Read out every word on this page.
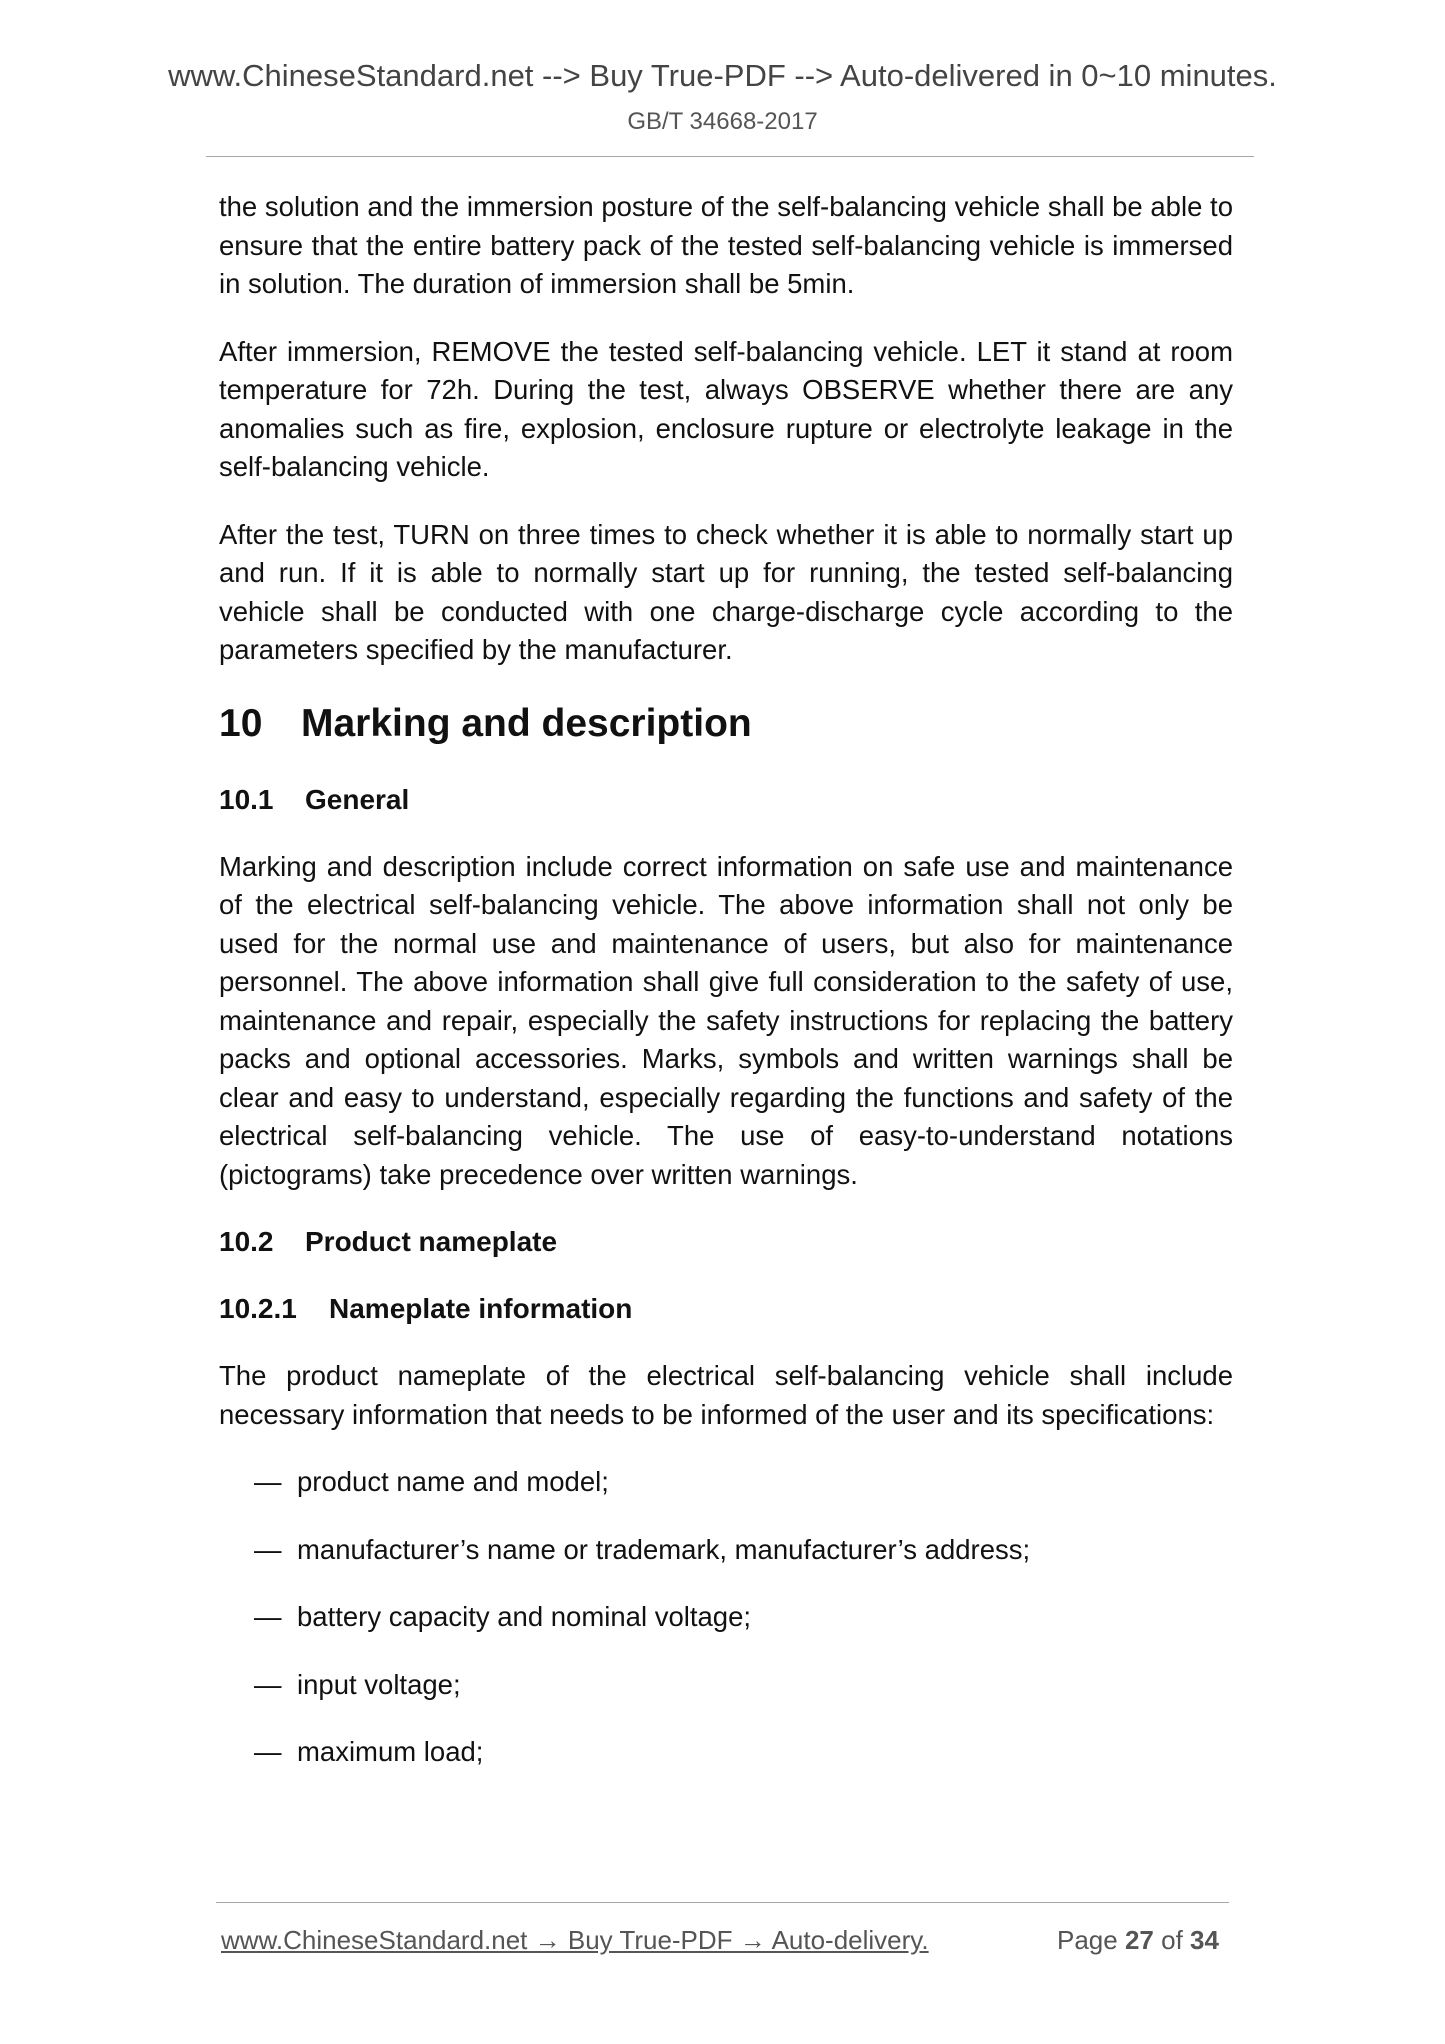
www.ChineseStandard.net --> Buy True-PDF --> Auto-delivered in 0~10 minutes.
GB/T 34668-2017

the solution and the immersion posture of the self-balancing vehicle shall be able to ensure that the entire battery pack of the tested self-balancing vehicle is immersed in solution. The duration of immersion shall be 5min.

After immersion, REMOVE the tested self-balancing vehicle. LET it stand at room temperature for 72h. During the test, always OBSERVE whether there are any anomalies such as fire, explosion, enclosure rupture or electrolyte leakage in the self-balancing vehicle.

After the test, TURN on three times to check whether it is able to normally start up and run. If it is able to normally start up for running, the tested self-balancing vehicle shall be conducted with one charge-discharge cycle according to the parameters specified by the manufacturer.

10 Marking and description
10.1 General

Marking and description include correct information on safe use and maintenance of the electrical self-balancing vehicle. The above information shall not only be used for the normal use and maintenance of users, but also for maintenance personnel. The above information shall give full consideration to the safety of use, maintenance and repair, especially the safety instructions for replacing the battery packs and optional accessories. Marks, symbols and written warnings shall be clear and easy to understand, especially regarding the functions and safety of the electrical self-balancing vehicle. The use of easy-to-understand notations (pictograms) take precedence over written warnings.

10.2 Product nameplate
10.2.1 Nameplate information

The product nameplate of the electrical self-balancing vehicle shall include necessary information that needs to be informed of the user and its specifications:

— product name and model;
— manufacturer’s name or trademark, manufacturer’s address;
— battery capacity and nominal voltage;
— input voltage;
— maximum load;
www.ChineseStandard.net → Buy True-PDF → Auto-delivery.	Page 27 of 34
